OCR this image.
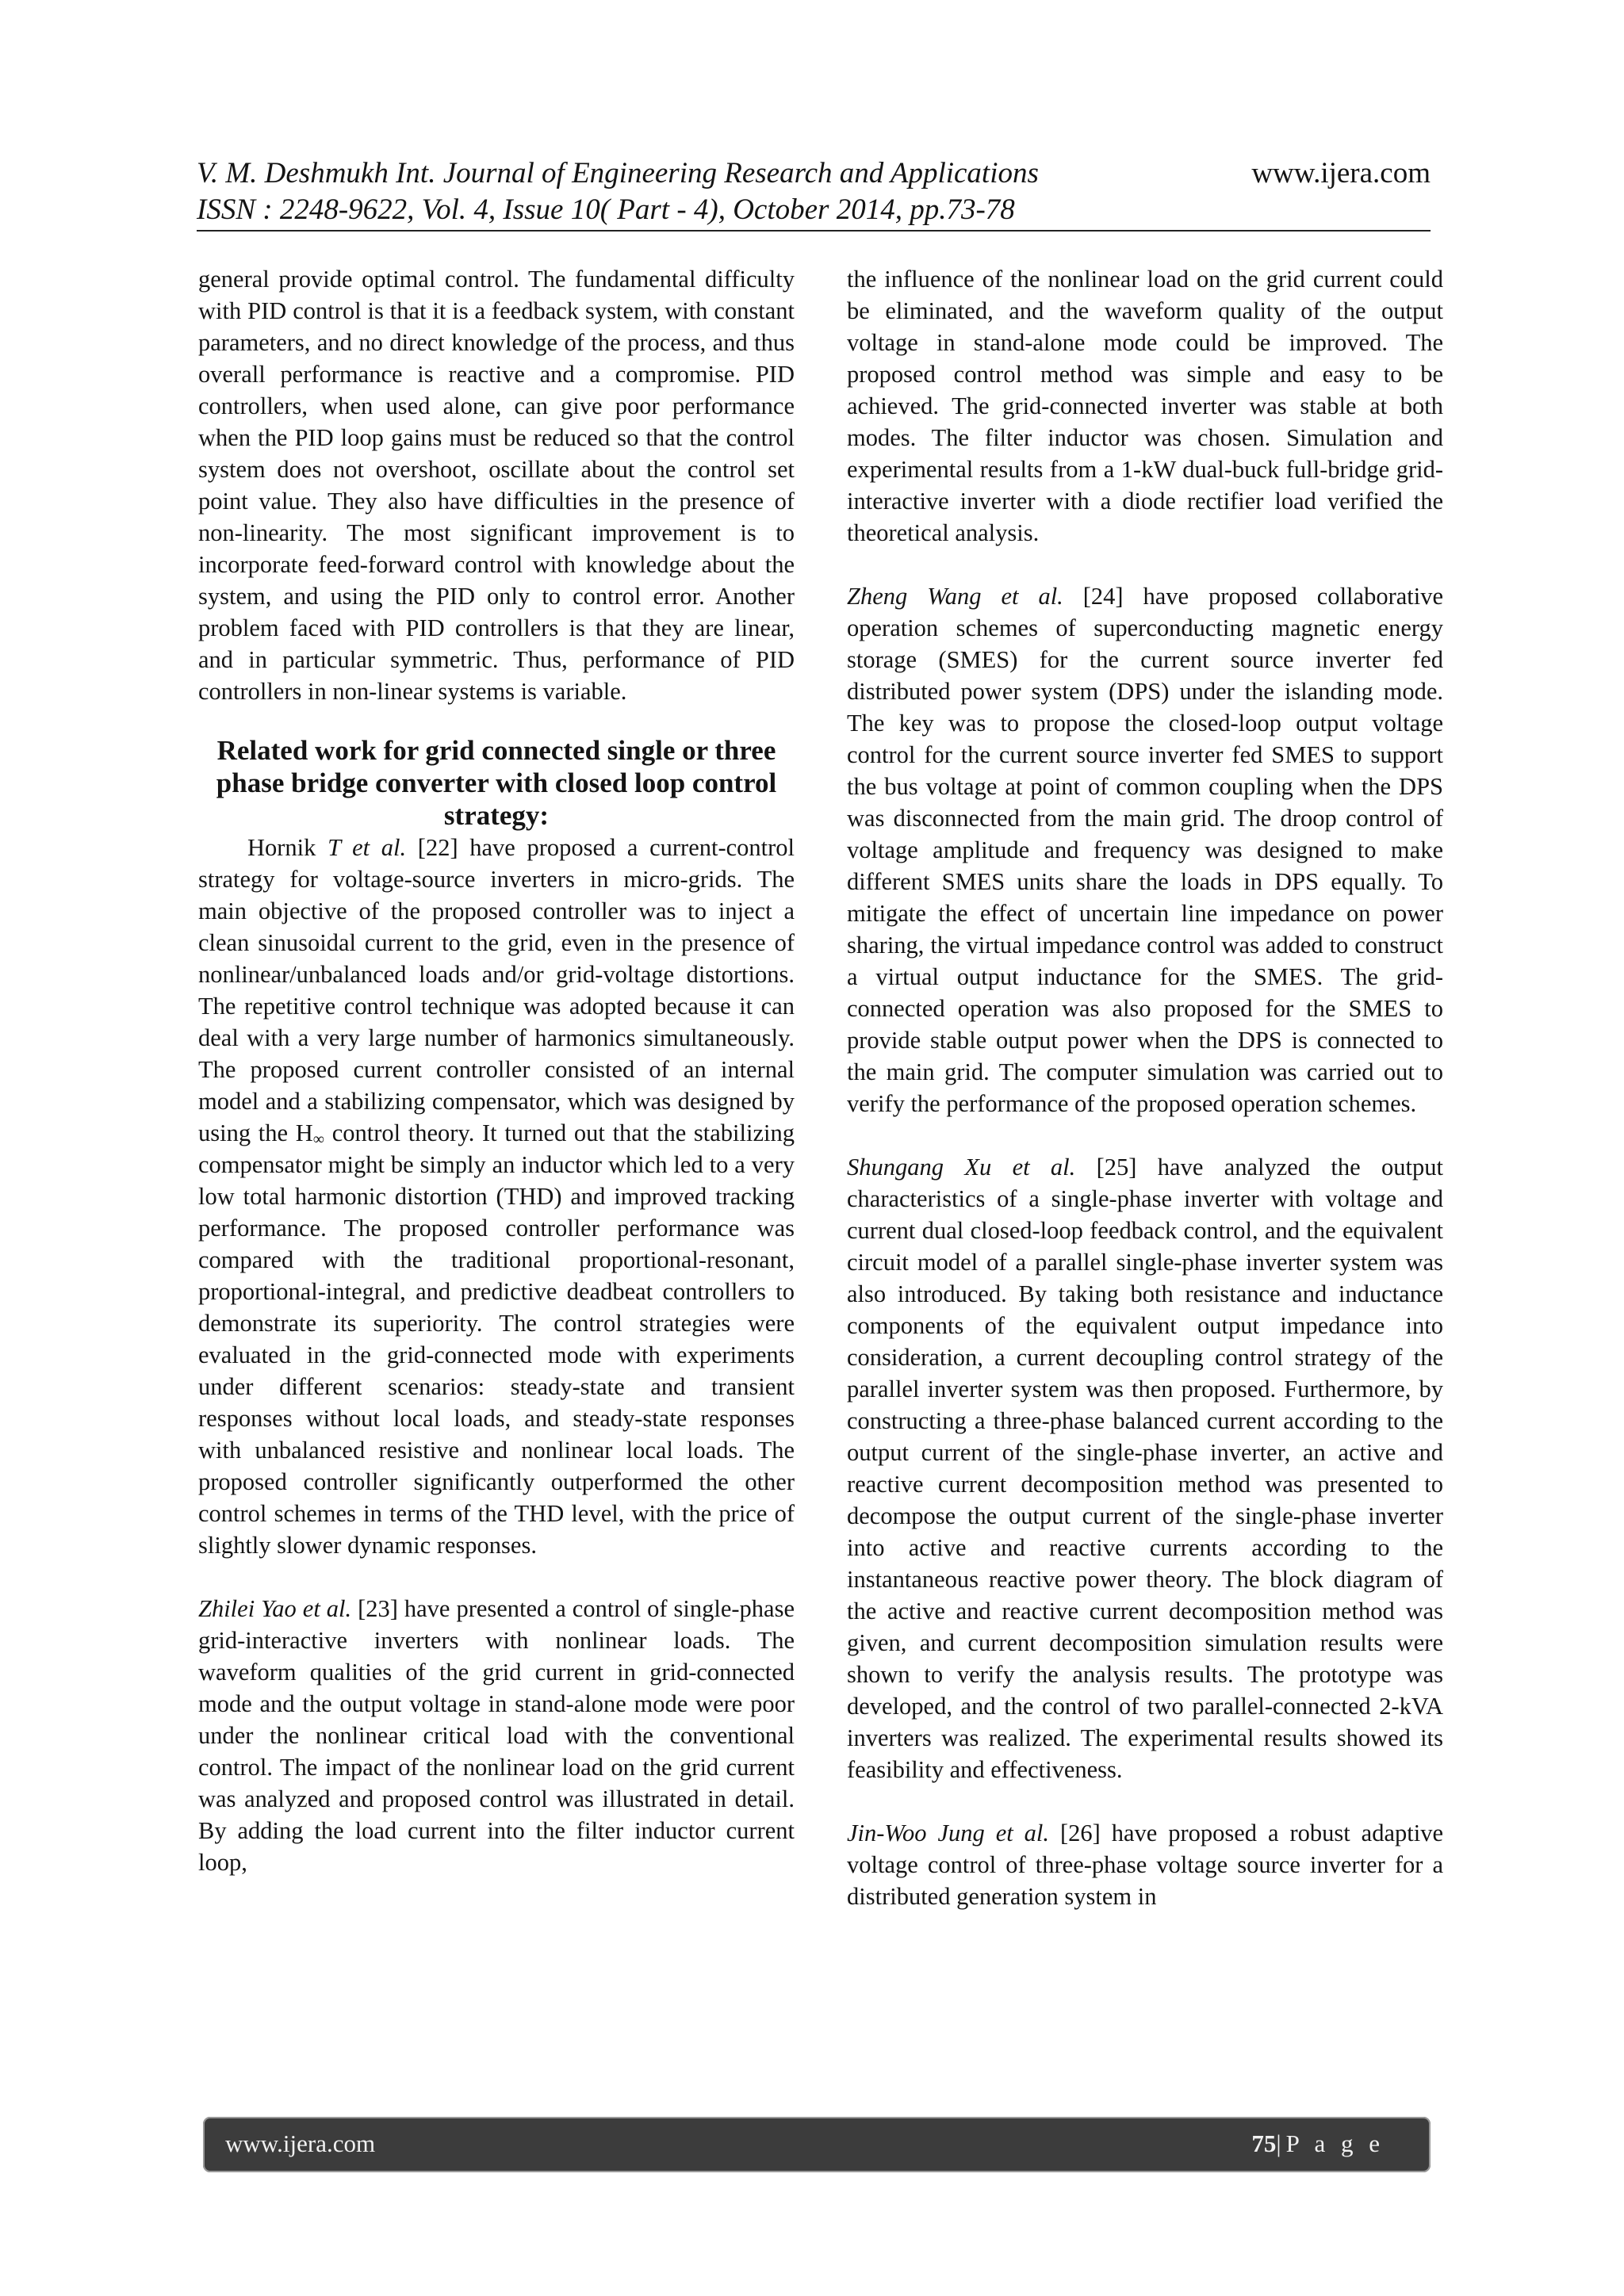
V. M. Deshmukh Int. Journal of Engineering Research and Applications
ISSN : 2248-9622, Vol. 4, Issue 10( Part - 4), October 2014, pp.73-78
www.ijera.com

general provide optimal control. The fundamental difficulty with PID control is that it is a feedback system, with constant parameters, and no direct knowledge of the process, and thus overall performance is reactive and a compromise. PID controllers, when used alone, can give poor performance when the PID loop gains must be reduced so that the control system does not overshoot, oscillate about the control set point value. They also have difficulties in the presence of non-linearity. The most significant improvement is to incorporate feed-forward control with knowledge about the system, and using the PID only to control error. Another problem faced with PID controllers is that they are linear, and in particular symmetric. Thus, performance of PID controllers in non-linear systems is variable.

Related work for grid connected single or three phase bridge converter with closed loop control strategy:

Hornik T et al. [22] have proposed a current-control strategy for voltage-source inverters in micro-grids. The main objective of the proposed controller was to inject a clean sinusoidal current to the grid, even in the presence of nonlinear/unbalanced loads and/or grid-voltage distortions. The repetitive control technique was adopted because it can deal with a very large number of harmonics simultaneously. The proposed current controller consisted of an internal model and a stabilizing compensator, which was designed by using the $H_\infty$ control theory. It turned out that the stabilizing compensator might be simply an inductor which led to a very low total harmonic distortion (THD) and improved tracking performance. The proposed controller performance was compared with the traditional proportional-resonant, proportional-integral, and predictive deadbeat controllers to demonstrate its superiority. The control strategies were evaluated in the grid-connected mode with experiments under different scenarios: steady-state and transient responses without local loads, and steady-state responses with unbalanced resistive and nonlinear local loads. The proposed controller significantly outperformed the other control schemes in terms of the THD level, with the price of slightly slower dynamic responses.

Zhilei Yao et al. [23] have presented a control of single-phase grid-interactive inverters with nonlinear loads. The waveform qualities of the grid current in grid-connected mode and the output voltage in stand-alone mode were poor under the nonlinear critical load with the conventional control. The impact of the nonlinear load on the grid current was analyzed and proposed control was illustrated in detail. By adding the load current into the filter inductor current loop,

the influence of the nonlinear load on the grid current could be eliminated, and the waveform quality of the output voltage in stand-alone mode could be improved. The proposed control method was simple and easy to be achieved. The grid-connected inverter was stable at both modes. The filter inductor was chosen. Simulation and experimental results from a 1-kW dual-buck full-bridge grid-interactive inverter with a diode rectifier load verified the theoretical analysis.

Zheng Wang et al. [24] have proposed collaborative operation schemes of superconducting magnetic energy storage (SMES) for the current source inverter fed distributed power system (DPS) under the islanding mode. The key was to propose the closed-loop output voltage control for the current source inverter fed SMES to support the bus voltage at point of common coupling when the DPS was disconnected from the main grid. The droop control of voltage amplitude and frequency was designed to make different SMES units share the loads in DPS equally. To mitigate the effect of uncertain line impedance on power sharing, the virtual impedance control was added to construct a virtual output inductance for the SMES. The grid-connected operation was also proposed for the SMES to provide stable output power when the DPS is connected to the main grid. The computer simulation was carried out to verify the performance of the proposed operation schemes.

Shungang Xu et al. [25] have analyzed the output characteristics of a single-phase inverter with voltage and current dual closed-loop feedback control, and the equivalent circuit model of a parallel single-phase inverter system was also introduced. By taking both resistance and inductance components of the equivalent output impedance into consideration, a current decoupling control strategy of the parallel inverter system was then proposed. Furthermore, by constructing a three-phase balanced current according to the output current of the single-phase inverter, an active and reactive current decomposition method was presented to decompose the output current of the single-phase inverter into active and reactive currents according to the instantaneous reactive power theory. The block diagram of the active and reactive current decomposition method was given, and current decomposition simulation results were shown to verify the analysis results. The prototype was developed, and the control of two parallel-connected 2-kVA inverters was realized. The experimental results showed its feasibility and effectiveness.

Jin-Woo Jung et al. [26] have proposed a robust adaptive voltage control of three-phase voltage source inverter for a distributed generation system in

www.ijera.com	75|P a g e
